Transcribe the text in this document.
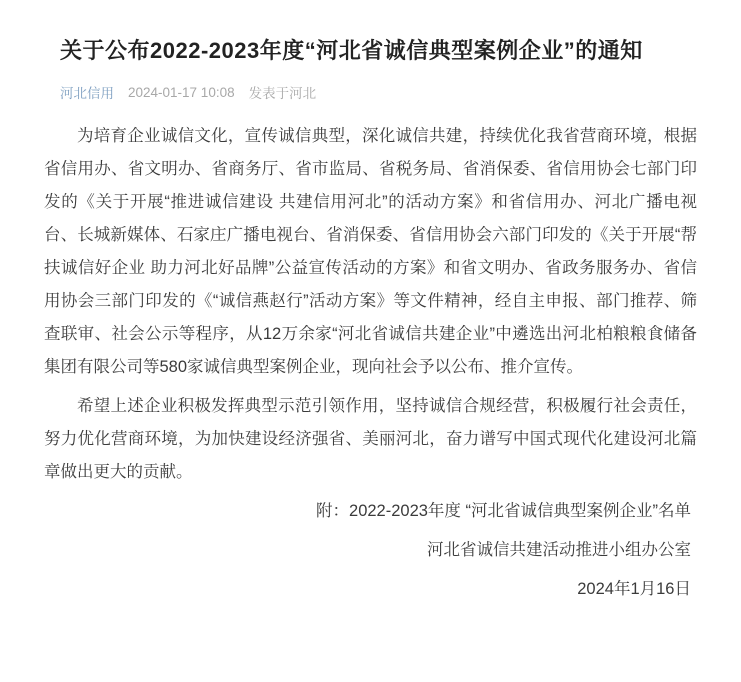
关于公布2022-2023年度“河北省诚信典型案例企业”的通知
河北信用 2024-01-17 10:08 发表于河北

为培育企业诚信文化，宣传诚信典型，深化诚信共建，持续优化我省营商环境，根据省信用办、省文明办、省商务厅、省市监局、省税务局、省消保委、省信用协会七部门印发的《关于开展“推进诚信建设 共建信用河北”的活动方案》和省信用办、河北广播电视台、长城新媒体、石家庄广播电视台、省消保委、省信用协会六部门印发的《关于开展“帮扶诚信好企业 助力河北好品牌”公益宣传活动的方案》和省文明办、省政务服务办、省信用协会三部门印发的《“诚信燕赵行”活动方案》等文件精神，经自主申报、部门推荐、筛查联审、社会公示等程序，从12万余家“河北省诚信共建企业”中遴选出河北柏粮粮食储备集团有限公司等580家诚信典型案例企业，现向社会予以公布、推介宣传。

希望上述企业积极发挥典型示范引领作用，坚持诚信合规经营，积极履行社会责任，努力优化营商环境，为加快建设经济强省、美丽河北，奋力谱写中国式现代化建设河北篇章做出更大的贡献。

附：2022-2023年度 “河北省诚信典型案例企业”名单

河北省诚信共建活动推进小组办公室

2024年1月16日
